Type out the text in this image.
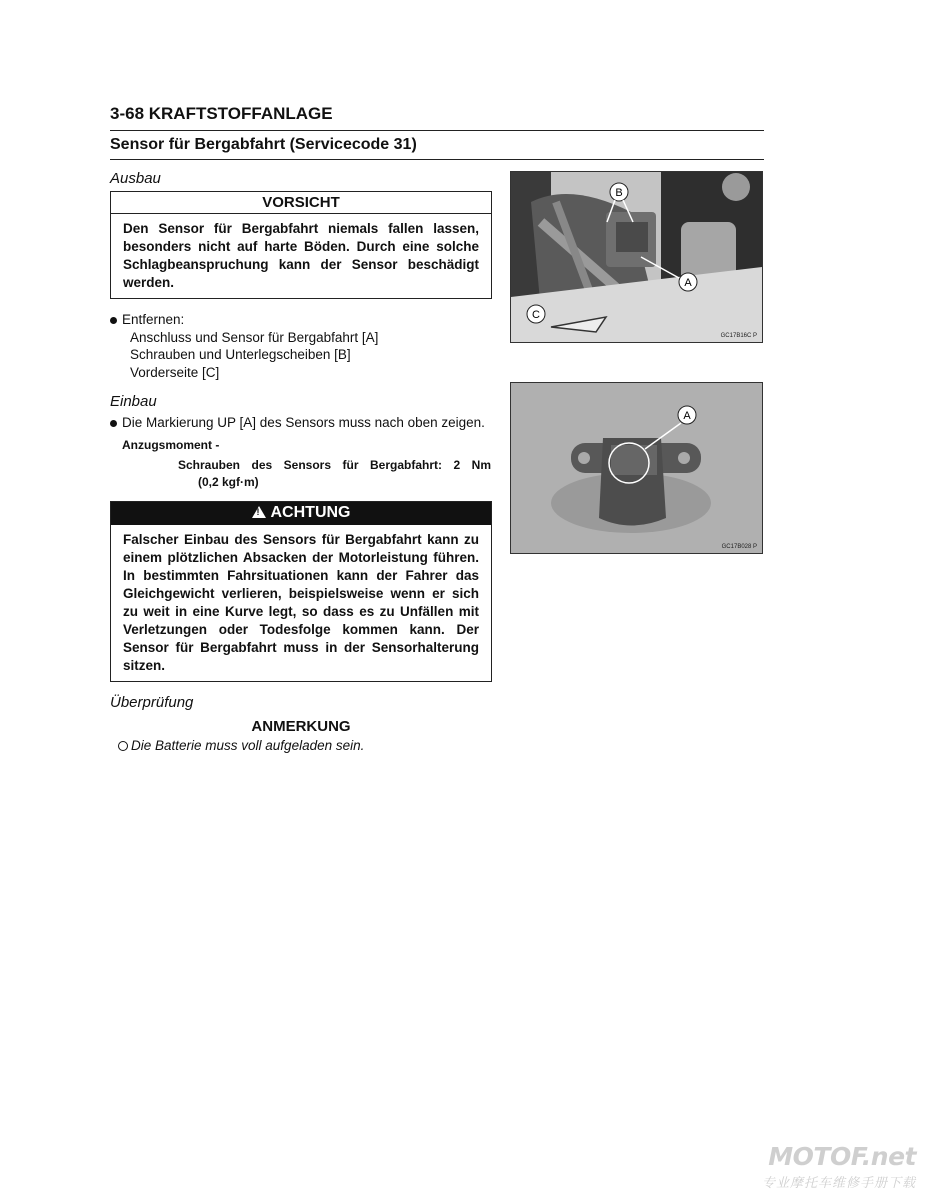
3-68 KRAFTSTOFFANLAGE
Sensor für Bergabfahrt (Servicecode 31)
Ausbau
VORSICHT
Den Sensor für Bergabfahrt niemals fallen lassen, besonders nicht auf harte Böden. Durch eine solche Schlagbeanspruchung kann der Sensor beschädigt werden.
Entfernen:
Anschluss und Sensor für Bergabfahrt [A]
Schrauben und Unterlegscheiben [B]
Vorderseite [C]
Einbau
Die Markierung UP [A] des Sensors muss nach oben zeigen.
Anzugsmoment -
Schrauben des Sensors für Bergabfahrt: 2 Nm
(0,2 kgf·m)
! ACHTUNG
Falscher Einbau des Sensors für Bergabfahrt kann zu einem plötzlichen Absacken der Motorleistung führen. In bestimmten Fahrsituationen kann der Fahrer das Gleichgewicht verlieren, beispielsweise wenn er sich zu weit in eine Kurve legt, so dass es zu Unfällen mit Verletzungen oder Todesfolge kommen kann. Der Sensor für Bergabfahrt muss in der Sensorhalterung sitzen.
Überprüfung
ANMERKUNG
Die Batterie muss voll aufgeladen sein.
B
A
C
GC17B16C P
A
GC17B028 P
MOTOF.net
专业摩托车维修手册下载
